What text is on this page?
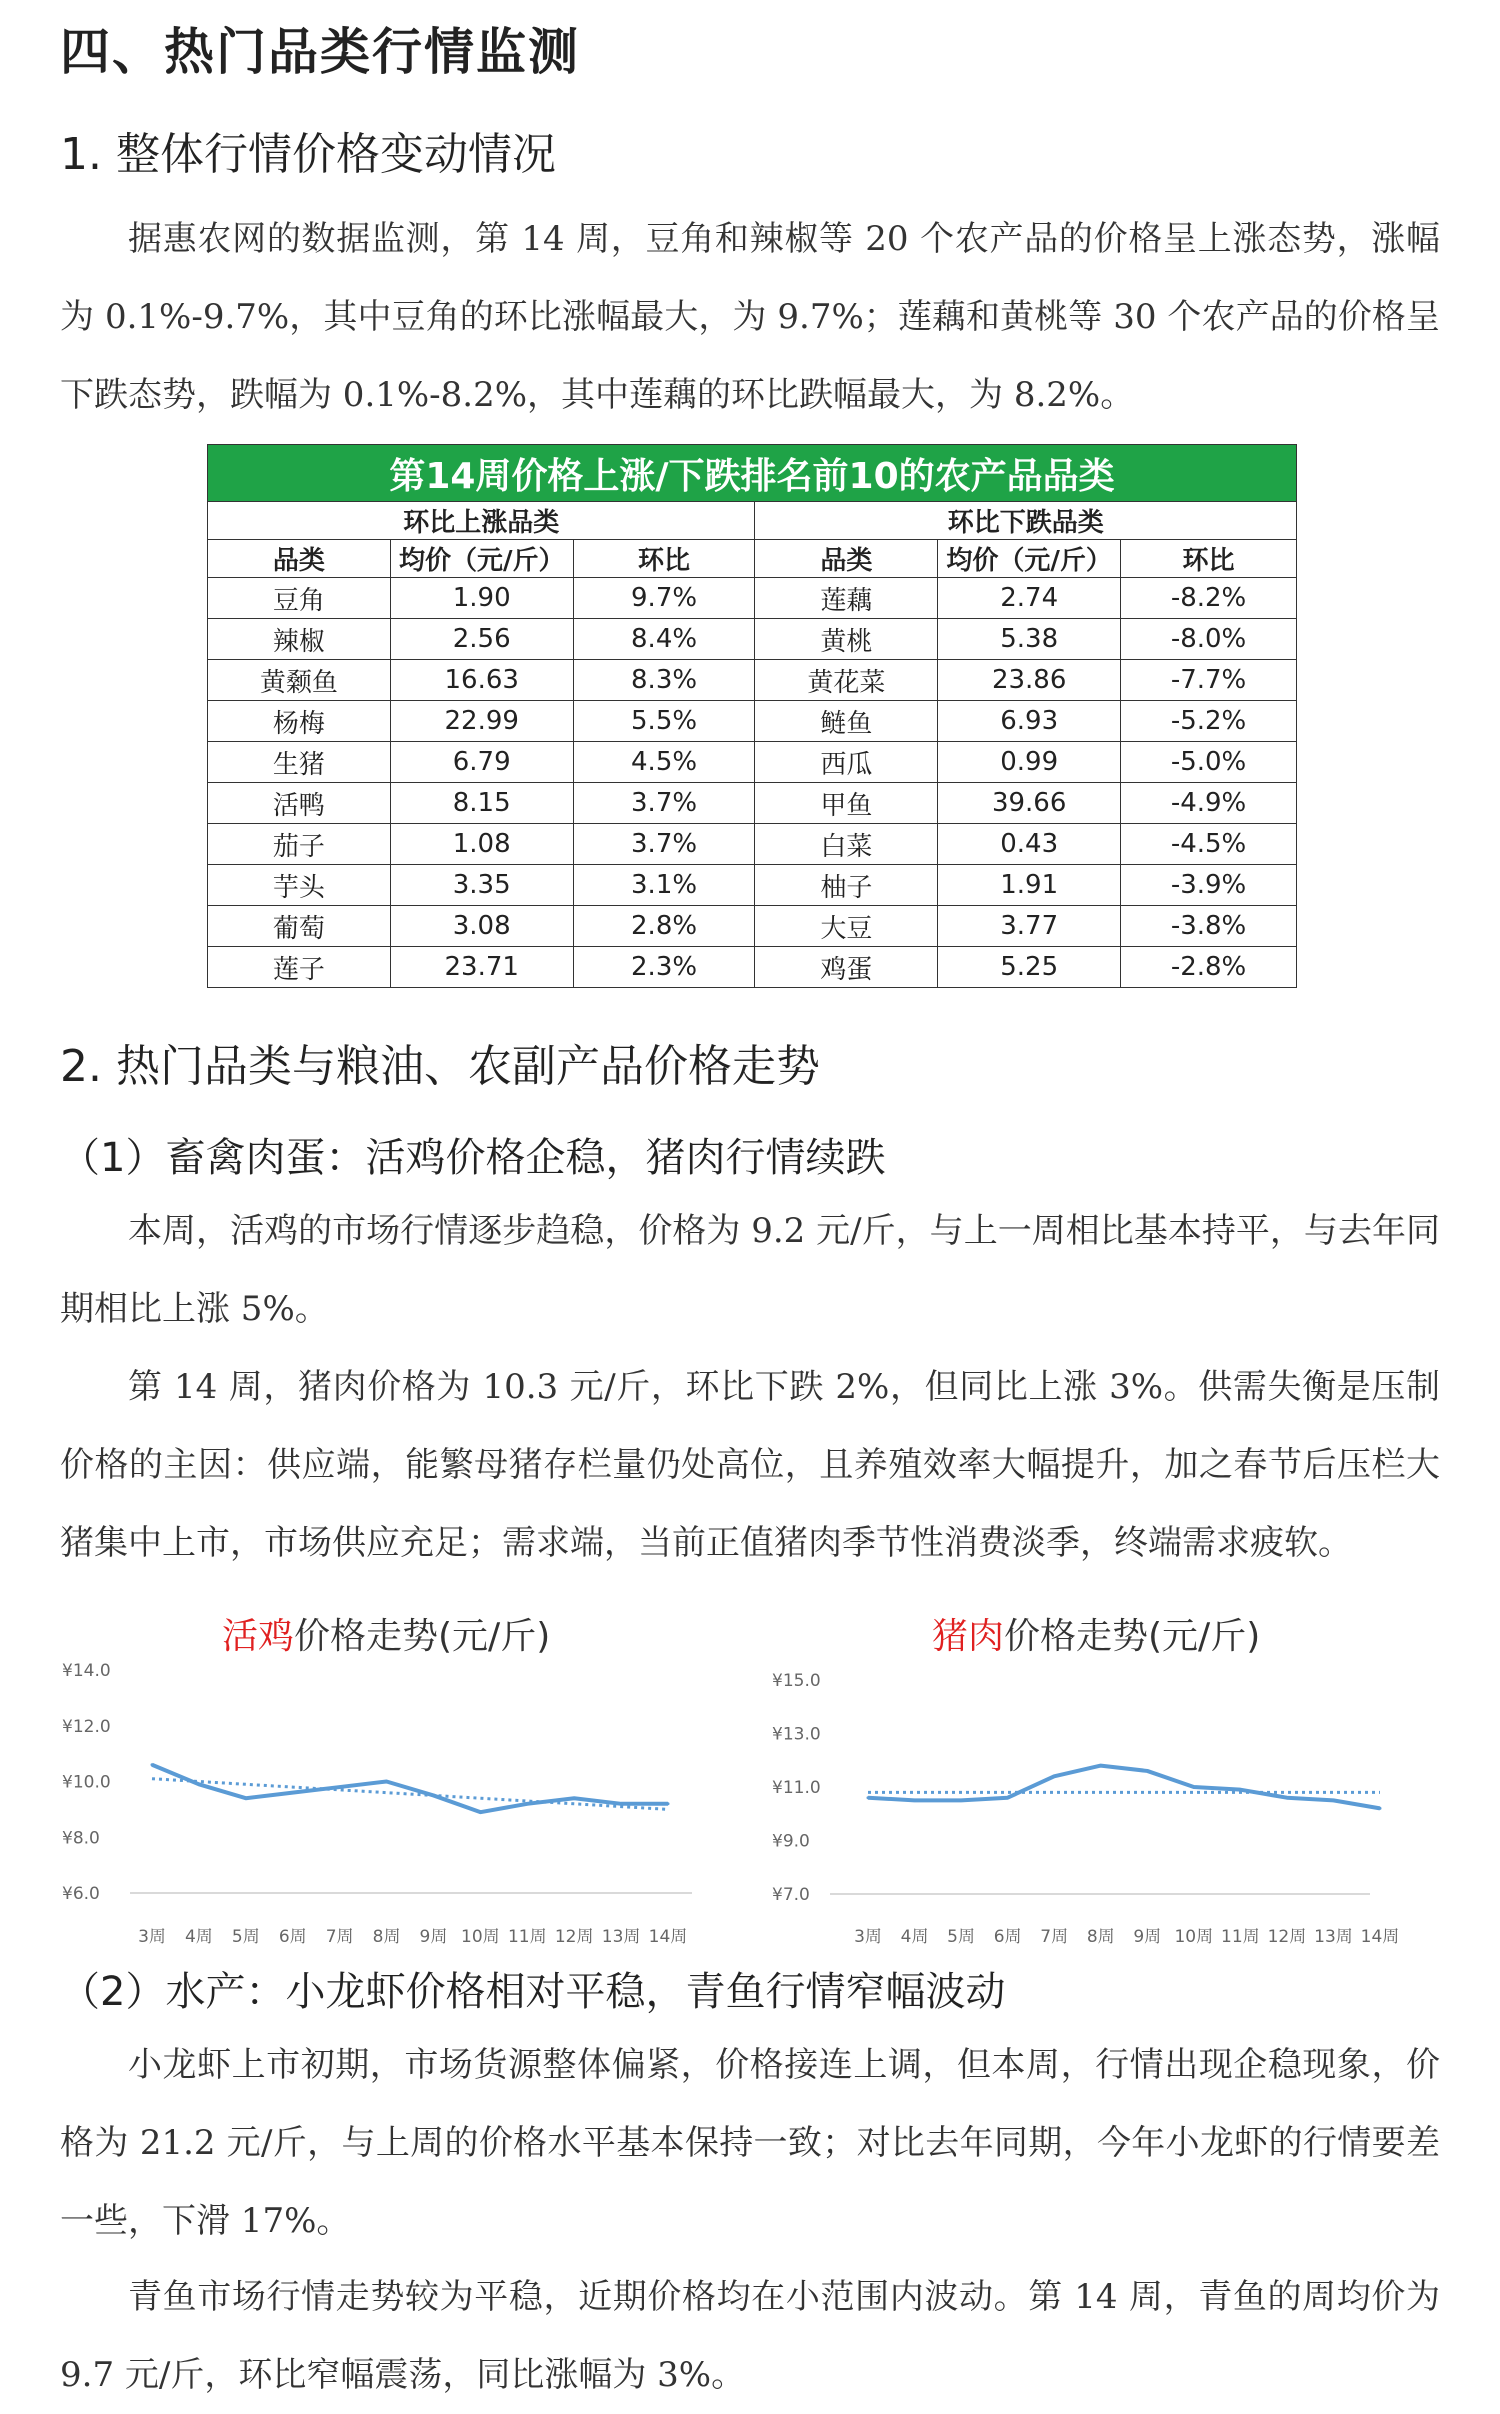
四、热门品类行情监测
1. 整体行情价格变动情况

据惠农网的数据监测，第 14 周，豆角和辣椒等 20 个农产品的价格呈上涨态势，涨幅为 0.1%-9.7%，其中豆角的环比涨幅最大，为 9.7%；莲藕和黄桃等 30 个农产品的价格呈下跌态势，跌幅为 0.1%-8.2%，其中莲藕的环比跌幅最大，为 8.2%。

第14周价格上涨/下跌排名前10的农产品品类					
环比上涨品类			环比下跌品类		
品类	均价（元/斤）	环比	品类	均价（元/斤）	环比
豆角	1.90	9.7%	莲藕	2.74	-8.2%
辣椒	2.56	8.4%	黄桃	5.38	-8.0%
黄颡鱼	16.63	8.3%	黄花菜	23.86	-7.7%
杨梅	22.99	5.5%	鲢鱼	6.93	-5.2%
生猪	6.79	4.5%	西瓜	0.99	-5.0%
活鸭	8.15	3.7%	甲鱼	39.66	-4.9%
茄子	1.08	3.7%	白菜	0.43	-4.5%
芋头	3.35	3.1%	柚子	1.91	-3.9%
葡萄	3.08	2.8%	大豆	3.77	-3.8%
莲子	23.71	2.3%	鸡蛋	5.25	-2.8%
2. 热门品类与粮油、农副产品价格走势
（1）畜禽肉蛋：活鸡价格企稳，猪肉行情续跌

本周，活鸡的市场行情逐步趋稳，价格为 9.2 元/斤，与上一周相比基本持平，与去年同期相比上涨 5%。

第 14 周，猪肉价格为 10.3 元/斤，环比下跌 2%，但同比上涨 3%。供需失衡是压制价格的主因：供应端，能繁母猪存栏量仍处高位，且养殖效率大幅提升，加之春节后压栏大猪集中上市，市场供应充足；需求端，当前正值猪肉季节性消费淡季，终端需求疲软。

活鸡价格走势(元/斤)
¥6.0
¥8.0
¥10.0
¥12.0
¥14.0
3周 4周 5周 6周 7周 8周 9周 10周 11周 12周 13周 14周
猪肉价格走势(元/斤)
¥7.0
¥9.0
¥11.0
¥13.0
¥15.0
3周 4周 5周 6周 7周 8周 9周 10周 11周 12周 13周 14周
（2）水产：小龙虾价格相对平稳，青鱼行情窄幅波动

小龙虾上市初期，市场货源整体偏紧，价格接连上调，但本周，行情出现企稳现象，价格为 21.2 元/斤，与上周的价格水平基本保持一致；对比去年同期，今年小龙虾的行情要差一些，下滑 17%。

青鱼市场行情走势较为平稳，近期价格均在小范围内波动。第 14 周，青鱼的周均价为 9.7 元/斤，环比窄幅震荡，同比涨幅为 3%。
